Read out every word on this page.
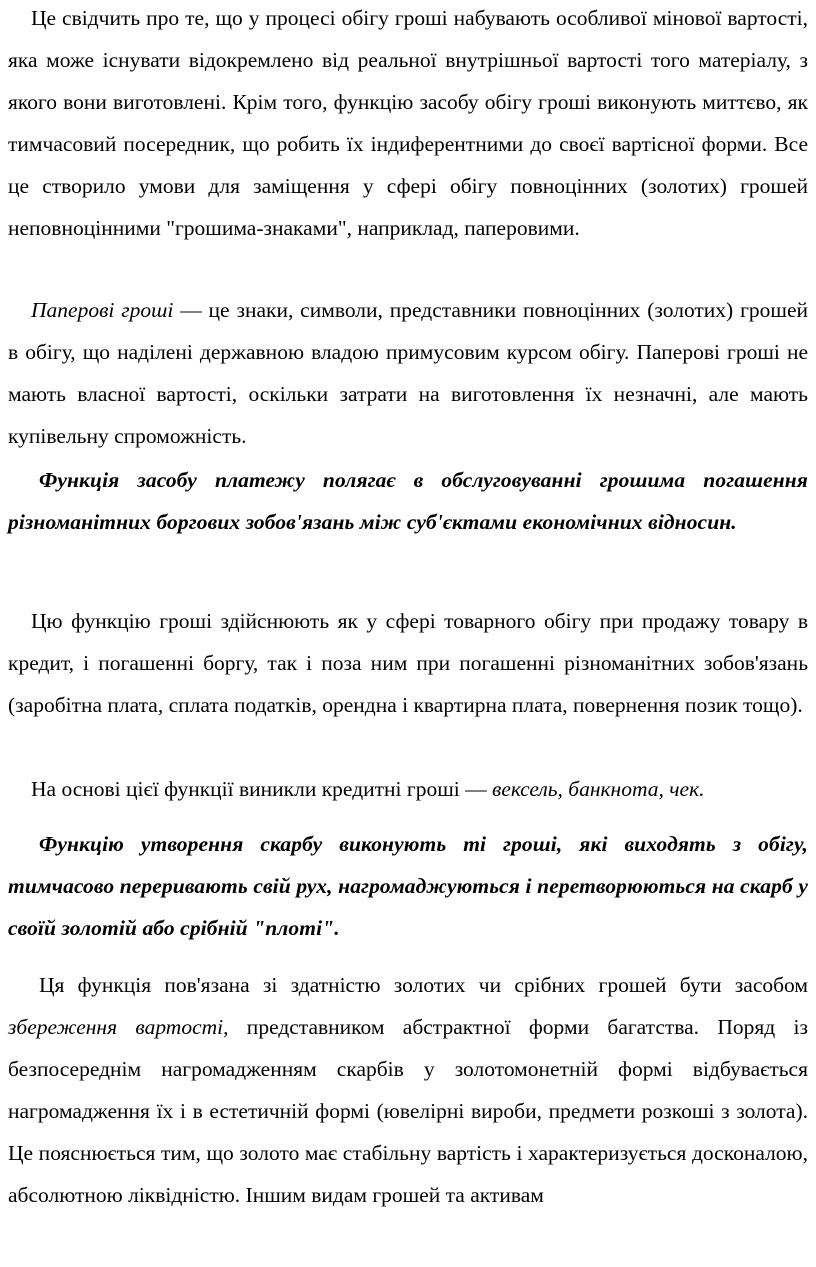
Це свідчить про те, що у процесі обігу гроші набувають особливої мінової вартості, яка може існувати відокремлено від реальної внутрішньої вартості того матеріалу, з якого вони виготовлені. Крім того, функцію засобу обігу гроші виконують миттєво, як тимчасовий посередник, що робить їх індиферентними до своєї вартісної форми. Все це створило умови для заміщення у сфері обігу повноцінних (золотих) грошей неповноцінними "грошима-знаками", наприклад, паперовими.

Паперові гроші — це знаки, символи, представники повноцінних (золотих) грошей в обігу, що наділені державною владою примусовим курсом обігу. Паперові гроші не мають власної вартості, оскільки затрати на виготовлення їх незначні, але мають купівельну спроможність.

Функція засобу платежу полягає в обслуговуванні грошима погашення різноманітних боргових зобов'язань між суб'єктами економічних відносин.

Цю функцію гроші здійснюють як у сфері товарного обігу при продажу товару в кредит, і погашенні боргу, так і поза ним при погашенні різноманітних зобов'язань (заробітна плата, сплата податків, орендна і квартирна плата, повернення позик тощо).

На основі цієї функції виникли кредитні гроші — вексель, банкнота, чек.

Функцію утворення скарбу виконують ті гроші, які виходять з обігу, тимчасово переривають свій рух, нагромаджуються і перетворюються на скарб у своїй золотій або срібній "плоті".

Ця функція пов'язана зі здатністю золотих чи срібних грошей бути засобом збереження вартості, представником абстрактної форми багатства. Поряд із безпосереднім нагромадженням скарбів у золотомонетній формі відбувається нагромадження їх і в естетичній формі (ювелірні вироби, предмети розкоші з золота). Це пояснюється тим, що золото має стабільну вартість і характеризується досконалою, абсолютною ліквідністю. Іншим видам грошей та активам
